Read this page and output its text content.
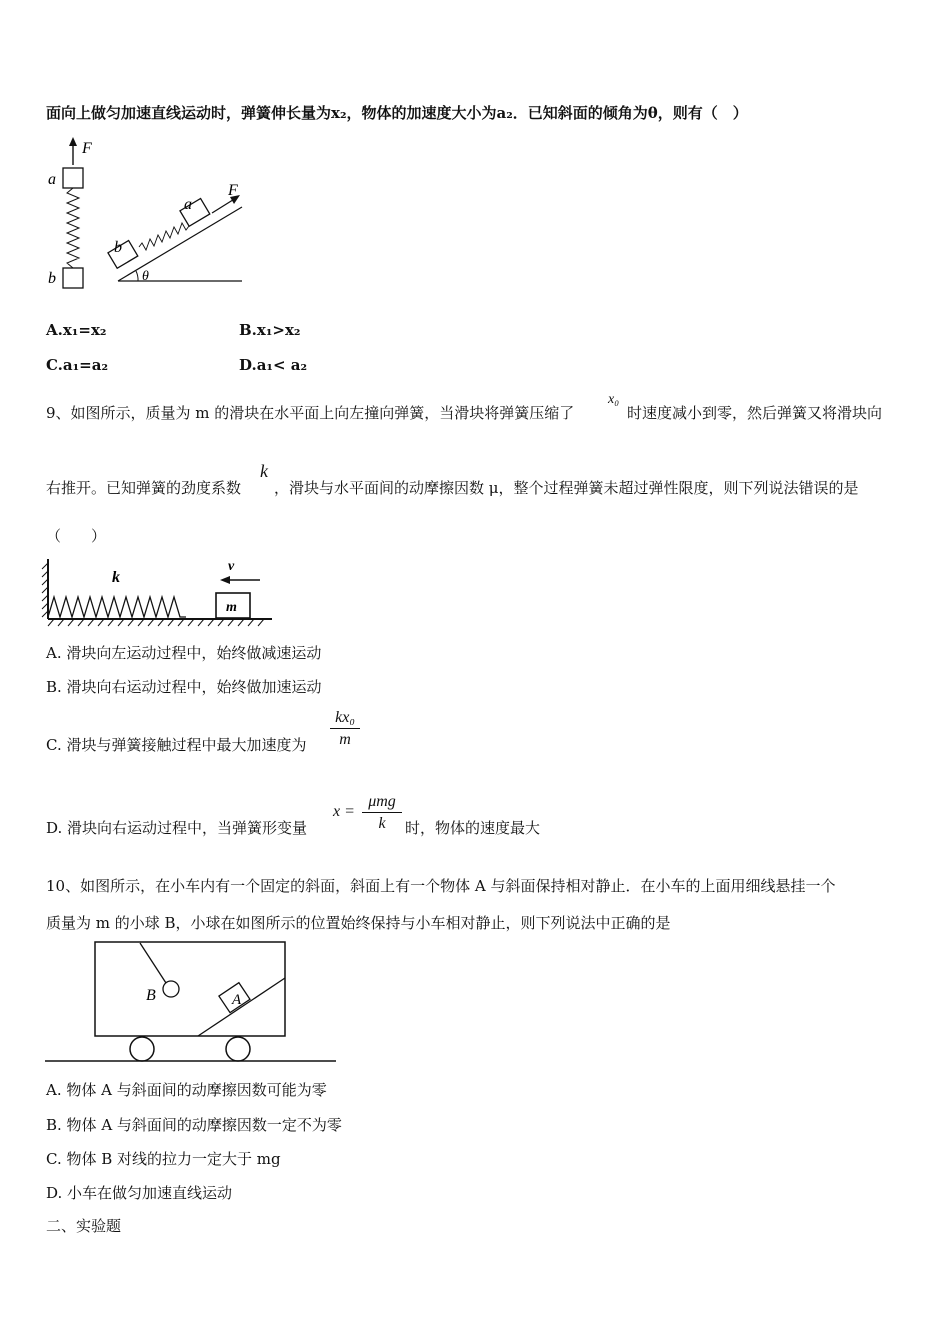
面向上做匀加速直线运动时，弹簧伸长量为x₂，物体的加速度大小为a₂．已知斜面的倾角为θ，则有（　）
F
a
b	θ
F
a
b
A.x₁=x₂	B.x₁>x₂
C.a₁=a₂	D.a₁< a₂
9、如图所示，质量为 m 的滑块在水平面上向左撞向弹簧，当滑块将弹簧压缩了
x₀
时速度减小到零，然后弹簧又将滑块向
右推开。已知弹簧的劲度系数
k
，滑块与水平面间的动摩擦因数 μ，整个过程弹簧未超过弹性限度，则下列说法错误的是
（　　）
k
m
v
A. 滑块向左运动过程中，始终做减速运动
B. 滑块向右运动过程中，始终做加速运动
C. 滑块与弹簧接触过程中最大加速度为 $\frac{\text{kx₀}}{m}$
D. 滑块向右运动过程中，当弹簧形变量
x =
μmg
k	时，物体的速度最大
10、如图所示，在小车内有一个固定的斜面，斜面上有一个物体 A 与斜面保持相对静止．在小车的上面用细线悬挂一个
质量为 m 的小球 B，小球在如图所示的位置始终保持与小车相对静止，则下列说法中正确的是
B	A
A. 物体 A 与斜面间的动摩擦因数可能为零
B. 物体 A 与斜面间的动摩擦因数一定不为零
C. 物体 B 对线的拉力一定大于 mg
D. 小车在做匀加速直线运动
二、实验题
